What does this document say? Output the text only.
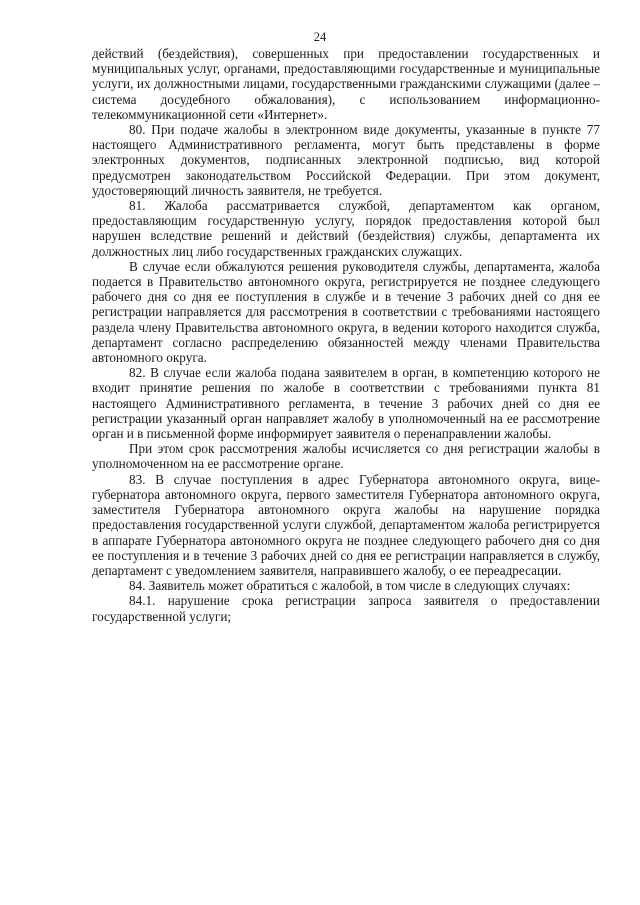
24

действий (бездействия), совершенных при предоставлении государственных и муниципальных услуг, органами, предоставляющими государственные и муниципальные услуги, их должностными лицами, государственными гражданскими служащими (далее – система досудебного обжалования), с использованием информационно-телекоммуникационной сети «Интернет».

80. При подаче жалобы в электронном виде документы, указанные в пункте 77 настоящего Административного регламента, могут быть представлены в форме электронных документов, подписанных электронной подписью, вид которой предусмотрен законодательством Российской Федерации. При этом документ, удостоверяющий личность заявителя, не требуется.

81. Жалоба рассматривается службой, департаментом как органом, предоставляющим государственную услугу, порядок предоставления которой был нарушен вследствие решений и действий (бездействия) службы, департамента их должностных лиц либо государственных гражданских служащих.

В случае если обжалуются решения руководителя службы, департамента, жалоба подается в Правительство автономного округа, регистрируется не позднее следующего рабочего дня со дня ее поступления в службе и в течение 3 рабочих дней со дня ее регистрации направляется для рассмотрения в соответствии с требованиями настоящего раздела члену Правительства автономного округа, в ведении которого находится служба, департамент согласно распределению обязанностей между членами Правительства автономного округа.

82. В случае если жалоба подана заявителем в орган, в компетенцию которого не входит принятие решения по жалобе в соответствии с требованиями пункта 81 настоящего Административного регламента, в течение 3 рабочих дней со дня ее регистрации указанный орган направляет жалобу в уполномоченный на ее рассмотрение орган и в письменной форме информирует заявителя о перенаправлении жалобы.

При этом срок рассмотрения жалобы исчисляется со дня регистрации жалобы в уполномоченном на ее рассмотрение органе.

83. В случае поступления в адрес Губернатора автономного округа, вице-губернатора автономного округа, первого заместителя Губернатора автономного округа, заместителя Губернатора автономного округа жалобы на нарушение порядка предоставления государственной услуги службой, департаментом жалоба регистрируется в аппарате Губернатора автономного округа не позднее следующего рабочего дня со дня ее поступления и в течение 3 рабочих дней со дня ее регистрации направляется в службу, департамент с уведомлением заявителя, направившего жалобу, о ее переадресации.

84. Заявитель может обратиться с жалобой, в том числе в следующих случаях:

84.1. нарушение срока регистрации запроса заявителя о предоставлении государственной услуги;
